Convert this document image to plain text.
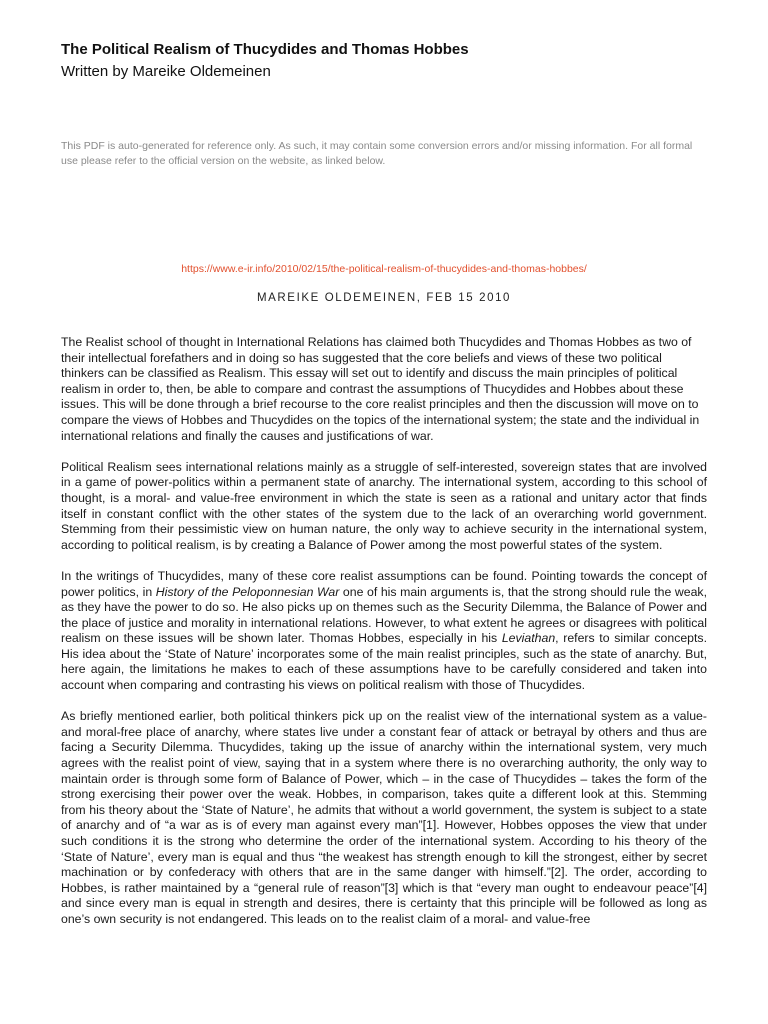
The Political Realism of Thucydides and Thomas Hobbes
Written by Mareike Oldemeinen
This PDF is auto-generated for reference only. As such, it may contain some conversion errors and/or missing information. For all formal use please refer to the official version on the website, as linked below.
https://www.e-ir.info/2010/02/15/the-political-realism-of-thucydides-and-thomas-hobbes/
MAREIKE OLDEMEINEN, FEB 15 2010

The Realist school of thought in International Relations has claimed both Thucydides and Thomas Hobbes as two of their intellectual forefathers and in doing so has suggested that the core beliefs and views of these two political thinkers can be classified as Realism. This essay will set out to identify and discuss the main principles of political realism in order to, then, be able to compare and contrast the assumptions of Thucydides and Hobbes about these issues. This will be done through a brief recourse to the core realist principles and then the discussion will move on to compare the views of Hobbes and Thucydides on the topics of the international system; the state and the individual in international relations and finally the causes and justifications of war.

Political Realism sees international relations mainly as a struggle of self-interested, sovereign states that are involved in a game of power-politics within a permanent state of anarchy. The international system, according to this school of thought, is a moral- and value-free environment in which the state is seen as a rational and unitary actor that finds itself in constant conflict with the other states of the system due to the lack of an overarching world government. Stemming from their pessimistic view on human nature, the only way to achieve security in the international system, according to political realism, is by creating a Balance of Power among the most powerful states of the system.

In the writings of Thucydides, many of these core realist assumptions can be found. Pointing towards the concept of power politics, in History of the Peloponnesian War one of his main arguments is, that the strong should rule the weak, as they have the power to do so. He also picks up on themes such as the Security Dilemma, the Balance of Power and the place of justice and morality in international relations. However, to what extent he agrees or disagrees with political realism on these issues will be shown later. Thomas Hobbes, especially in his Leviathan, refers to similar concepts. His idea about the ‘State of Nature’ incorporates some of the main realist principles, such as the state of anarchy. But, here again, the limitations he makes to each of these assumptions have to be carefully considered and taken into account when comparing and contrasting his views on political realism with those of Thucydides.

As briefly mentioned earlier, both political thinkers pick up on the realist view of the international system as a value- and moral-free place of anarchy, where states live under a constant fear of attack or betrayal by others and thus are facing a Security Dilemma. Thucydides, taking up the issue of anarchy within the international system, very much agrees with the realist point of view, saying that in a system where there is no overarching authority, the only way to maintain order is through some form of Balance of Power, which – in the case of Thucydides – takes the form of the strong exercising their power over the weak. Hobbes, in comparison, takes quite a different look at this. Stemming from his theory about the ‘State of Nature’, he admits that without a world government, the system is subject to a state of anarchy and of “a war as is of every man against every man”[1]. However, Hobbes opposes the view that under such conditions it is the strong who determine the order of the international system. According to his theory of the ‘State of Nature’, every man is equal and thus “the weakest has strength enough to kill the strongest, either by secret machination or by confederacy with others that are in the same danger with himself.”[2]. The order, according to Hobbes, is rather maintained by a “general rule of reason”[3] which is that “every man ought to endeavour peace”[4] and since every man is equal in strength and desires, there is certainty that this principle will be followed as long as one’s own security is not endangered. This leads on to the realist claim of a moral- and value-free
